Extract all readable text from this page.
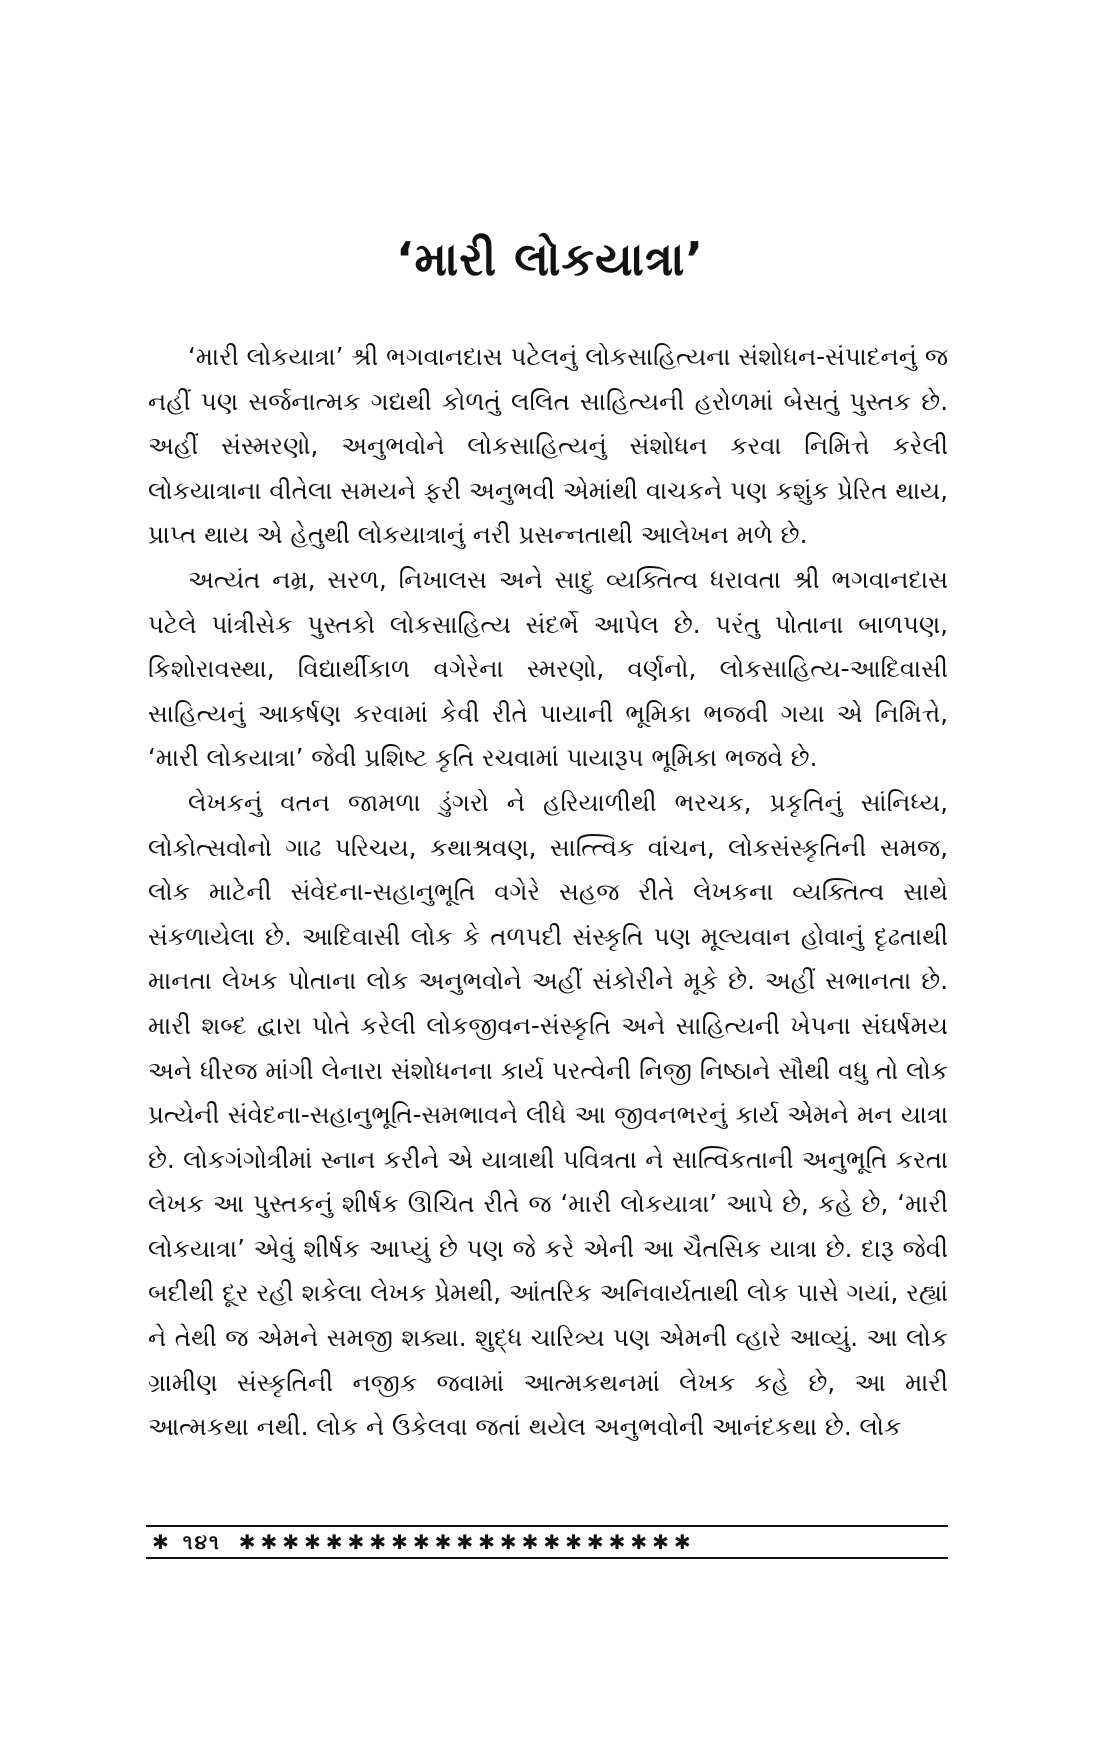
‘મારી લોકયાત્રા’

‘મારી લોકયાત્રા’ શ્રી ભગવાનદાસ પટેલનું લોકસાહિત્યના સંશોધન-સંપાદનનું જ નહીં પણ સર્જનાત્મક ગદ્યથી કોળતું લલિત સાહિત્યની હરોળમાં બેસતું પુસ્તક છે. અહીં સંસ્મરણો, અનુભવોને લોકસાહિત્યનું સંશોધન કરવા નિમિત્તે કરેલી લોકયાત્રાના વીતેલા સમયને ફરી અનુભવી એમાંથી વાચકને પણ કશુંક પ્રેરિત થાય, પ્રાપ્ત થાય એ હેતુથી લોકયાત્રાનું નરી પ્રસન્નતાથી આલેખન મળે છે.

અત્યંત નમ્ર, સરળ, નિખાલસ અને સાદુ વ્યક્તિત્વ ધરાવતા શ્રી ભગવાનદાસ પટેલે પાંત્રીસેક પુસ્તકો લોકસાહિત્ય સંદર્ભે આપેલ છે. પરંતુ પોતાના બાળપણ, કિશોરાવસ્થા, વિદ્યાર્થીકાળ વગેરેના સ્મરણો, વર્ણનો, લોકસાહિત્ય-આદિવાસી સાહિત્યનું આકર્ષણ કરવામાં કેવી રીતે પાયાની ભૂમિકા ભજવી ગયા એ નિમિત્તે, ‘મારી લોકયાત્રા’ જેવી પ્રશિષ્ટ કૃતિ રચવામાં પાયારૂપ ભૂમિકા ભજવે છે.

લેખકનું વતન જામળા ડુંગરો ને હરિયાળીથી ભરચક, પ્રકૃતિનું સાંનિધ્ય, લોકોત્સવોનો ગાઢ પરિચય, કથાશ્રવણ, સાત્ત્વિક વાંચન, લોકસંસ્કૃતિની સમજ, લોક માટેની સંવેદના-સહાનુભૂતિ વગેરે સહજ રીતે લેખકના વ્યક્તિત્વ સાથે સંકળાયેલા છે. આદિવાસી લોક કે તળપદી સંસ્કૃતિ પણ મૂલ્યવાન હોવાનું દૃઢતાથી માનતા લેખક પોતાના લોક અનુભવોને અહીં સંકોરીને મૂકે છે. અહીં સભાનતા છે. મારી શબ્દ દ્વારા પોતે કરેલી લોકજીવન-સંસ્કૃતિ અને સાહિત્યની ખેપના સંઘર્ષમય અને ધીરજ માંગી લેનારા સંશોધનના કાર્ય પરત્વેની નિજી નિષ્ઠાને સૌથી વધુ તો લોક પ્રત્યેની સંવેદના-સહાનુભૂતિ-સમભાવને લીધે આ જીવનભરનું કાર્ય એમને મન યાત્રા છે. લોકગંગોત્રીમાં સ્નાન કરીને એ યાત્રાથી પવિત્રતા ને સાત્વિકતાની અનુભૂતિ કરતા લેખક આ પુસ્તકનું શીર્ષક ઊચિત રીતે જ ‘મારી લોકયાત્રા’ આપે છે, કહે છે, ‘મારી લોકયાત્રા’ એવું શીર્ષક આપ્યું છે પણ જે કરે એની આ ચૈતસિક યાત્રા છે. દારૂ જેવી બદીથી દૂર રહી શકેલા લેખક પ્રેમથી, આંતરિક અનિવાર્યતાથી લોક પાસે ગયાં, રહ્યાં ને તેથી જ એમને સમજી શક્યા. શુદ્ધ ચારિત્ર્ય પણ એમની વ્હારે આવ્યું. આ લોક ગ્રામીણ સંસ્કૃતિની નજીક જવામાં આત્મકથનમાં લેખક કહે છે, આ મારી આત્મકથા નથી. લોક ને ઉકેલવા જતાં થયેલ અનુભવોની આનંદકથા છે. લોક

✱ ૧૪૧ ✱✱✱✱✱✱✱✱✱✱✱✱✱✱✱✱✱✱✱✱✱
